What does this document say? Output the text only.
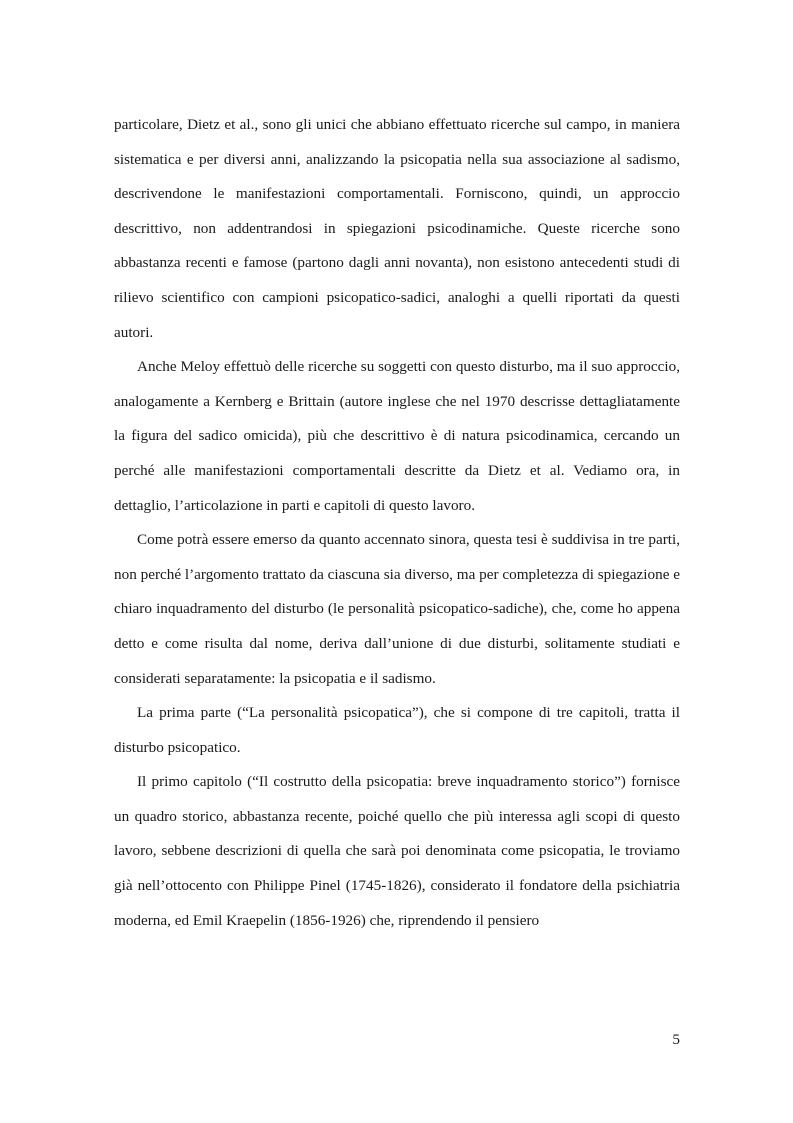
particolare, Dietz et al., sono gli unici che abbiano effettuato ricerche sul campo, in maniera sistematica e per diversi anni, analizzando la psicopatia nella sua associazione al sadismo, descrivendone le manifestazioni comportamentali. Forniscono, quindi, un approccio descrittivo, non addentrandosi in spiegazioni psicodinamiche. Queste ricerche sono abbastanza recenti e famose (partono dagli anni novanta), non esistono antecedenti studi di rilievo scientifico con campioni psicopatico-sadici, analoghi a quelli riportati da questi autori.

Anche Meloy effettuò delle ricerche su soggetti con questo disturbo, ma il suo approccio, analogamente a Kernberg e Brittain (autore inglese che nel 1970 descrisse dettagliatamente la figura del sadico omicida), più che descrittivo è di natura psicodinamica, cercando un perché alle manifestazioni comportamentali descritte da Dietz et al. Vediamo ora, in dettaglio, l’articolazione in parti e capitoli di questo lavoro.

Come potrà essere emerso da quanto accennato sinora, questa tesi è suddivisa in tre parti, non perché l’argomento trattato da ciascuna sia diverso, ma per completezza di spiegazione e chiaro inquadramento del disturbo (le personalità psicopatico-sadiche), che, come ho appena detto e come risulta dal nome, deriva dall’unione di due disturbi, solitamente studiati e considerati separatamente: la psicopatia e il sadismo.

La prima parte (“La personalità psicopatica”), che si compone di tre capitoli, tratta il disturbo psicopatico.

Il primo capitolo (“Il costrutto della psicopatia: breve inquadramento storico”) fornisce un quadro storico, abbastanza recente, poiché quello che più interessa agli scopi di questo lavoro, sebbene descrizioni di quella che sarà poi denominata come psicopatia, le troviamo già nell’ottocento con Philippe Pinel (1745-1826), considerato il fondatore della psichiatria moderna, ed Emil Kraepelin (1856-1926) che, riprendendo il pensiero

5
